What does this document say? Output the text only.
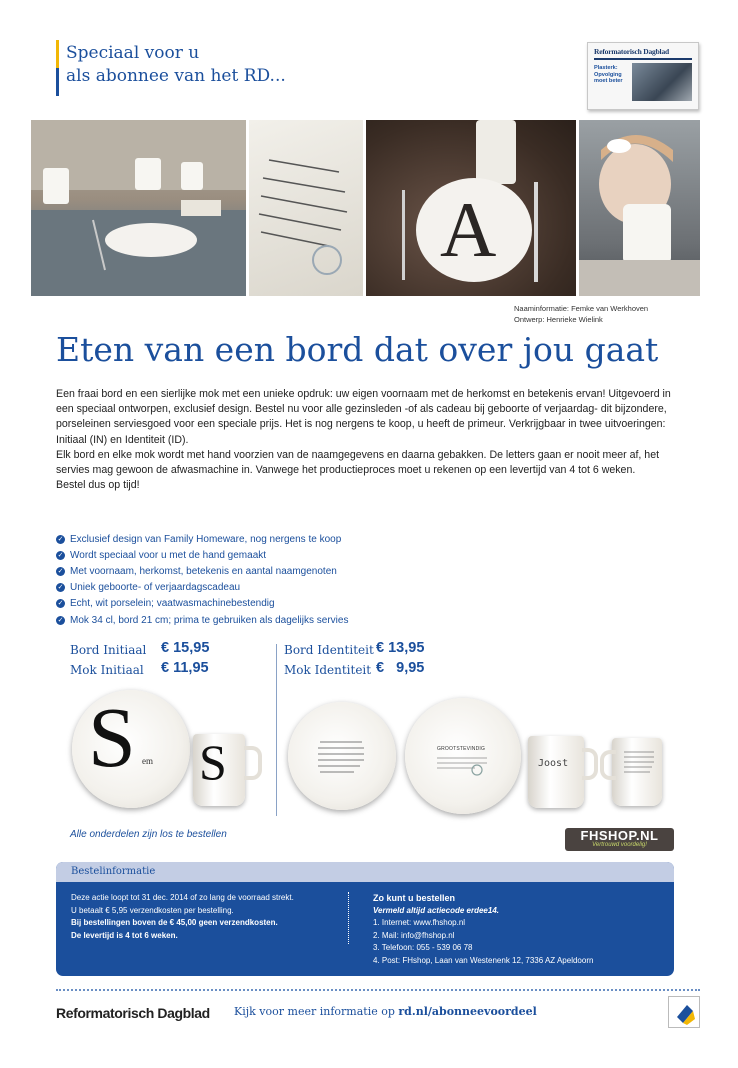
Speciaal voor u
als abonnee van het RD...
Reformatorisch Dagblad
Plasterk: Opvolging moet beter
A
Naaminformatie: Femke van Werkhoven
Ontwerp: Henrieke Wielink
Eten van een bord dat over jou gaat

Een fraai bord en een sierlijke mok met een unieke opdruk: uw eigen voornaam met de herkomst en betekenis ervan! Uitgevoerd in een speciaal ontworpen, exclusief design. Bestel nu voor alle gezinsleden -of als cadeau bij geboorte of verjaardag- dit bijzondere, porseleinen serviesgoed voor een speciale prijs. Het is nog nergens te koop, u heeft de primeur. Verkrijgbaar in twee uitvoeringen: Initiaal (IN) en Identiteit (ID).

Elk bord en elke mok wordt met hand voorzien van de naamgegevens en daarna gebakken. De letters gaan er nooit meer af, het servies mag gewoon de afwasmachine in. Vanwege het productieproces moet u rekenen op een levertijd van 4 tot 6 weken.

Bestel dus op tijd!

✓ Exclusief design van Family Homeware, nog nergens te koop
✓ Wordt speciaal voor u met de hand gemaakt
✓ Met voornaam, herkomst, betekenis en aantal naamgenoten
✓ Uniek geboorte- of verjaardagscadeau
✓ Echt, wit porselein; vaatwasmachinebestendig
✓ Mok 34 cl, bord 21 cm; prima te gebruiken als dagelijks servies
Bord Initiaal € 15,95
Mok Initiaal € 11,95
Bord Identiteit € 13,95
Mok Identiteit €   9,95
S em S	GROOTSTEVINDIG
Joost
Alle onderdelen zijn los te bestellen	FHSHOP.NL
Vertrouwd voordelig!
Bestelinformatie
Deze actie loopt tot 31 dec. 2014 of zo lang de voorraad strekt.
U betaalt € 5,95 verzendkosten per bestelling.
Bij bestellingen boven de € 45,00 geen verzendkosten.
De levertijd is 4 tot 6 weken.
Zo kunt u bestellen
Vermeld altijd actiecode erdee14.
1. Internet: www.fhshop.nl
2. Mail: info@fhshop.nl
3. Telefoon: 055 - 539 06 78
4. Post: FHshop, Laan van Westenenk 12, 7336 AZ Apeldoorn
Reformatorisch Dagblad Kijk voor meer informatie op rd.nl/abonneevoordeel
